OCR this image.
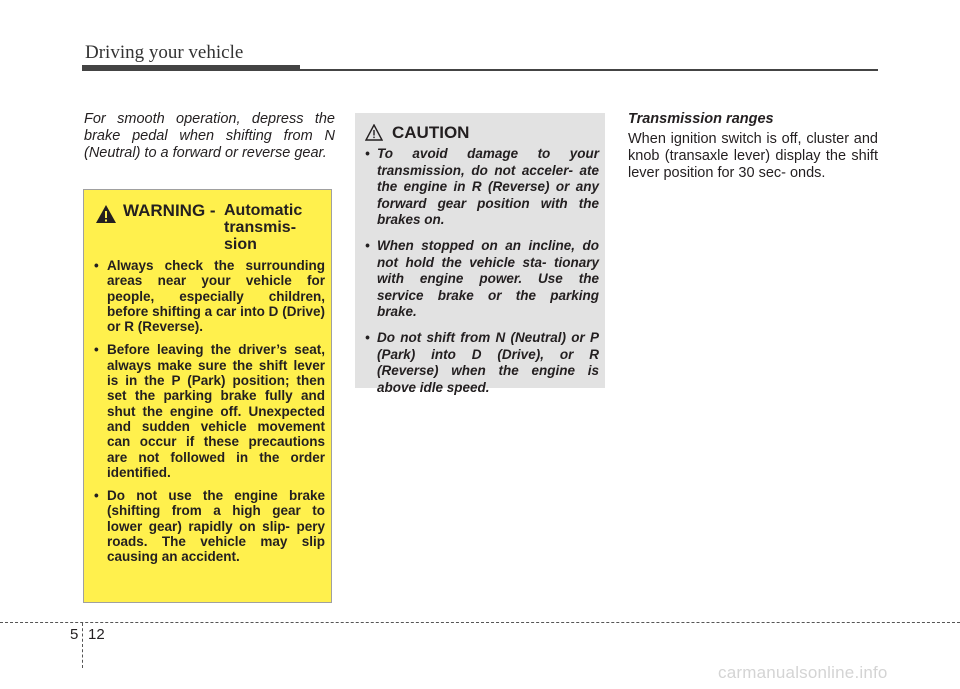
Driving your vehicle

For smooth operation, depress the brake pedal when shifting from N (Neutral) to a forward or reverse gear.

WARNING - Automatic transmis- sion
• Always check the surrounding areas near your vehicle for people, especially children, before shifting a car into D (Drive) or R (Reverse).
• Before leaving the driver’s seat, always make sure the shift lever is in the P (Park) position; then set the parking brake fully and shut the engine off. Unexpected and sudden vehicle movement can occur if these precautions are not followed in the order identified.
• Do not use the engine brake (shifting from a high gear to lower gear) rapidly on slip- pery roads. The vehicle may slip causing an accident.
CAUTION
• To avoid damage to your transmission, do not acceler- ate the engine in R (Reverse) or any forward gear position with the brakes on.
• When stopped on an incline, do not hold the vehicle sta- tionary with engine power. Use the service brake or the parking brake.
• Do not shift from N (Neutral) or P (Park) into D (Drive), or R (Reverse) when the engine is above idle speed.
Transmission ranges

When ignition switch is off, cluster and knob (transaxle lever) display the shift lever position for 30 sec- onds.

5 12
carmanualsonline.info
